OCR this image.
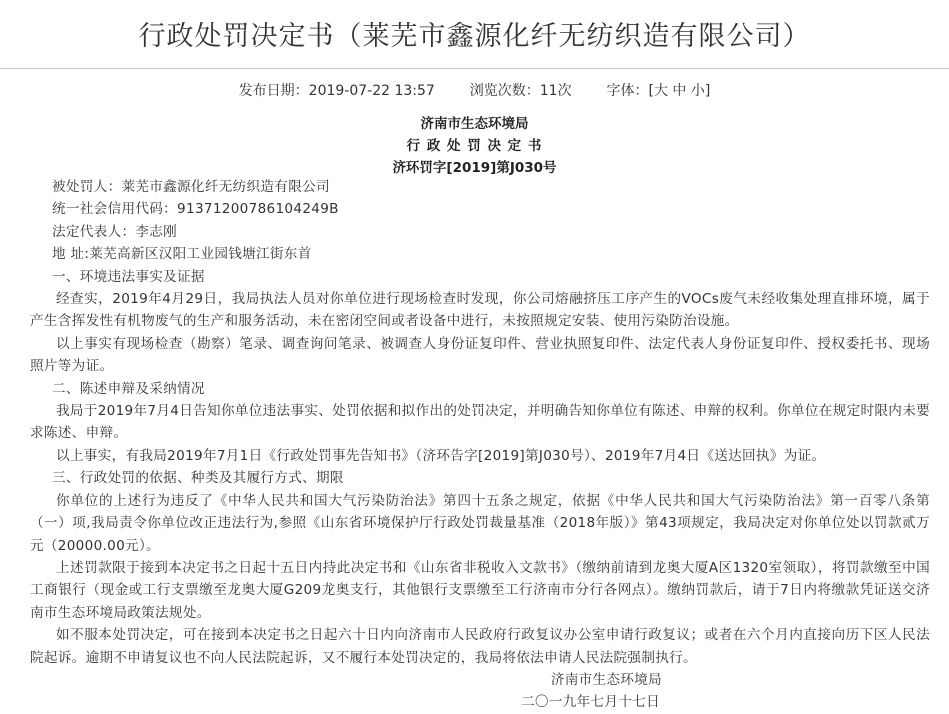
行政处罚决定书（莱芜市鑫源化纤无纺织造有限公司）
发布日期：2019-07-22 13:57 浏览次数：11次 字体：[大 中 小]
济南市生态环境局
行 政 处 罚 决 定 书
济环罚字[2019]第J030号

被处罚人：莱芜市鑫源化纤无纺织造有限公司

统一社会信用代码：91371200786104249B

法定代表人：李志刚

地 址:莱芜高新区汉阳工业园钱塘江街东首

一、环境违法事实及证据

经查实，2019年4月29日，我局执法人员对你单位进行现场检查时发现，你公司熔融挤压工序产生的VOCs废气未经收集处理直排环境，属于产生含挥发性有机物废气的生产和服务活动，未在密闭空间或者设备中进行，未按照规定安装、使用污染防治设施。

以上事实有现场检查（勘察）笔录、调查询问笔录、被调查人身份证复印件、营业执照复印件、法定代表人身份证复印件、授权委托书、现场照片等为证。

二、陈述申辩及采纳情况

我局于2019年7月4日告知你单位违法事实、处罚依据和拟作出的处罚决定，并明确告知你单位有陈述、申辩的权利。你单位在规定时限内未要求陈述、申辩。

以上事实，有我局2019年7月1日《行政处罚事先告知书》（济环告字[2019]第J030号）、2019年7月4日《送达回执》为证。

三、行政处罚的依据、种类及其履行方式、期限

你单位的上述行为违反了《中华人民共和国大气污染防治法》第四十五条之规定，依据《中华人民共和国大气污染防治法》第一百零八条第（一）项,我局责令你单位改正违法行为,参照《山东省环境保护厅行政处罚裁量基准（2018年版）》第43项规定，我局决定对你单位处以罚款贰万元（20000.00元）。

上述罚款限于接到本决定书之日起十五日内持此决定书和《山东省非税收入文款书》（缴纳前请到龙奥大厦A区1320室领取），将罚款缴至中国工商银行（现金或工行支票缴至龙奥大厦G209龙奥支行，其他银行支票缴至工行济南市分行各网点）。缴纳罚款后，请于7日内将缴款凭证送交济南市生态环境局政策法规处。

如不服本处罚决定，可在接到本决定书之日起六十日内向济南市人民政府行政复议办公室申请行政复议；或者在六个月内直接向历下区人民法院起诉。逾期不申请复议也不向人民法院起诉，又不履行本处罚决定的，我局将依法申请人民法院强制执行。

济南市生态环境局

二〇一九年七月十七日
